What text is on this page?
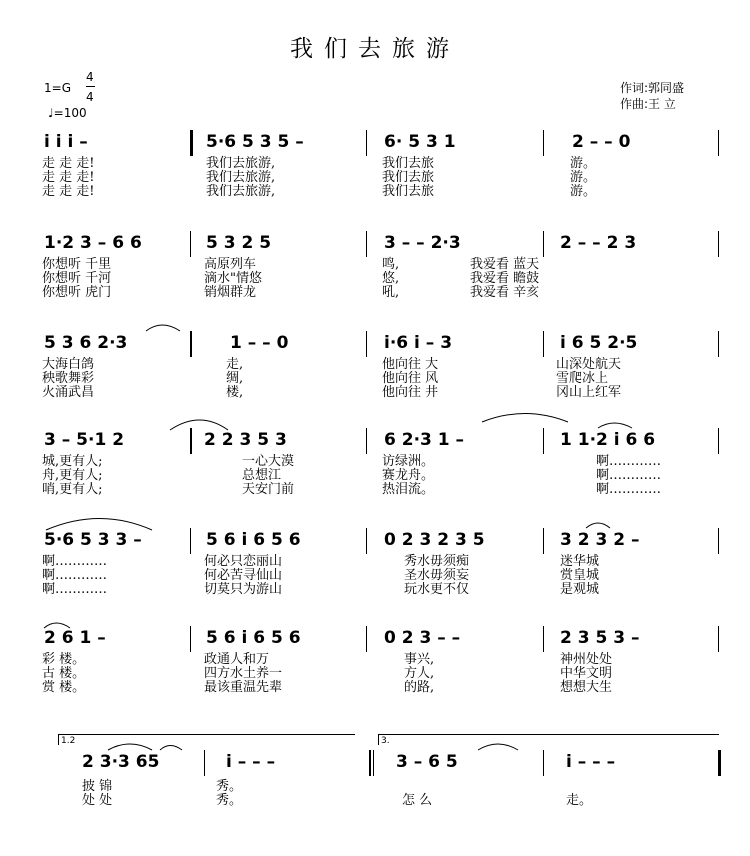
我们去旅游
1=G
4
4
♩=100
作词:郭同盛
作曲:王 立
i i i –	5·6 5 3 5 –	6· 5 3 1	2 – – 0
走 走 走!	我们去旅游,	我们去旅	游。
走 走 走!	我们去旅游,	我们去旅	游。
走 走 走!	我们去旅游,	我们去旅	游。
1·2 3 – 6 6	5 3 2 5	3 – – 2·3	2 – – 2 3
你想听 千里	高原列车	鸣,	我爱看 蓝天
你想听 千河	滴水"情悠	悠,	我爱看 瞻鼓
你想听 虎门	销烟群龙	吼,	我爱看 辛亥
5 3 6 2·3	1 – – 0	i·6 i – 3	i 6 5 2·5
大海白鸽	走,	他向往 大	山深处航天
秧歌舞彩	绸,	他向往 风	雪爬冰上
火涌武昌	楼,	他向往 井	冈山上红军
3 – 5·1 2	2 2 3 5 3	6 2·3 1 –	1 1·2 i 6 6
城,更有人;	一心大漠	访绿洲。	啊…………
舟,更有人;	总想江	赛龙舟。	啊…………
哨,更有人;	天安门前	热泪流。	啊…………
5·6 5 3 3 –	5 6 i 6 5 6	0 2 3 2 3 5	3 2 3 2 –
啊…………	何必只恋丽山	秀水毋须痴	迷华城
啊…………	何必苦寻仙山	圣水毋须妄	赏皇城
啊…………	切莫只为游山	玩水更不仅	是观城
2 6 1 –	5 6 i 6 5 6	0 2 3 – –	2 3 5 3 –
彩 楼。	政通人和万	事兴,	神州处处
古 楼。	四方水土养一	方人,	中华文明
赏 楼。	最该重温先辈	的路,	想想大生
1.2	3.
2 3·3 65	i – – –	3 – 6 5	i – – –
披 锦	秀。
处 处	秀。	怎 么	走。
